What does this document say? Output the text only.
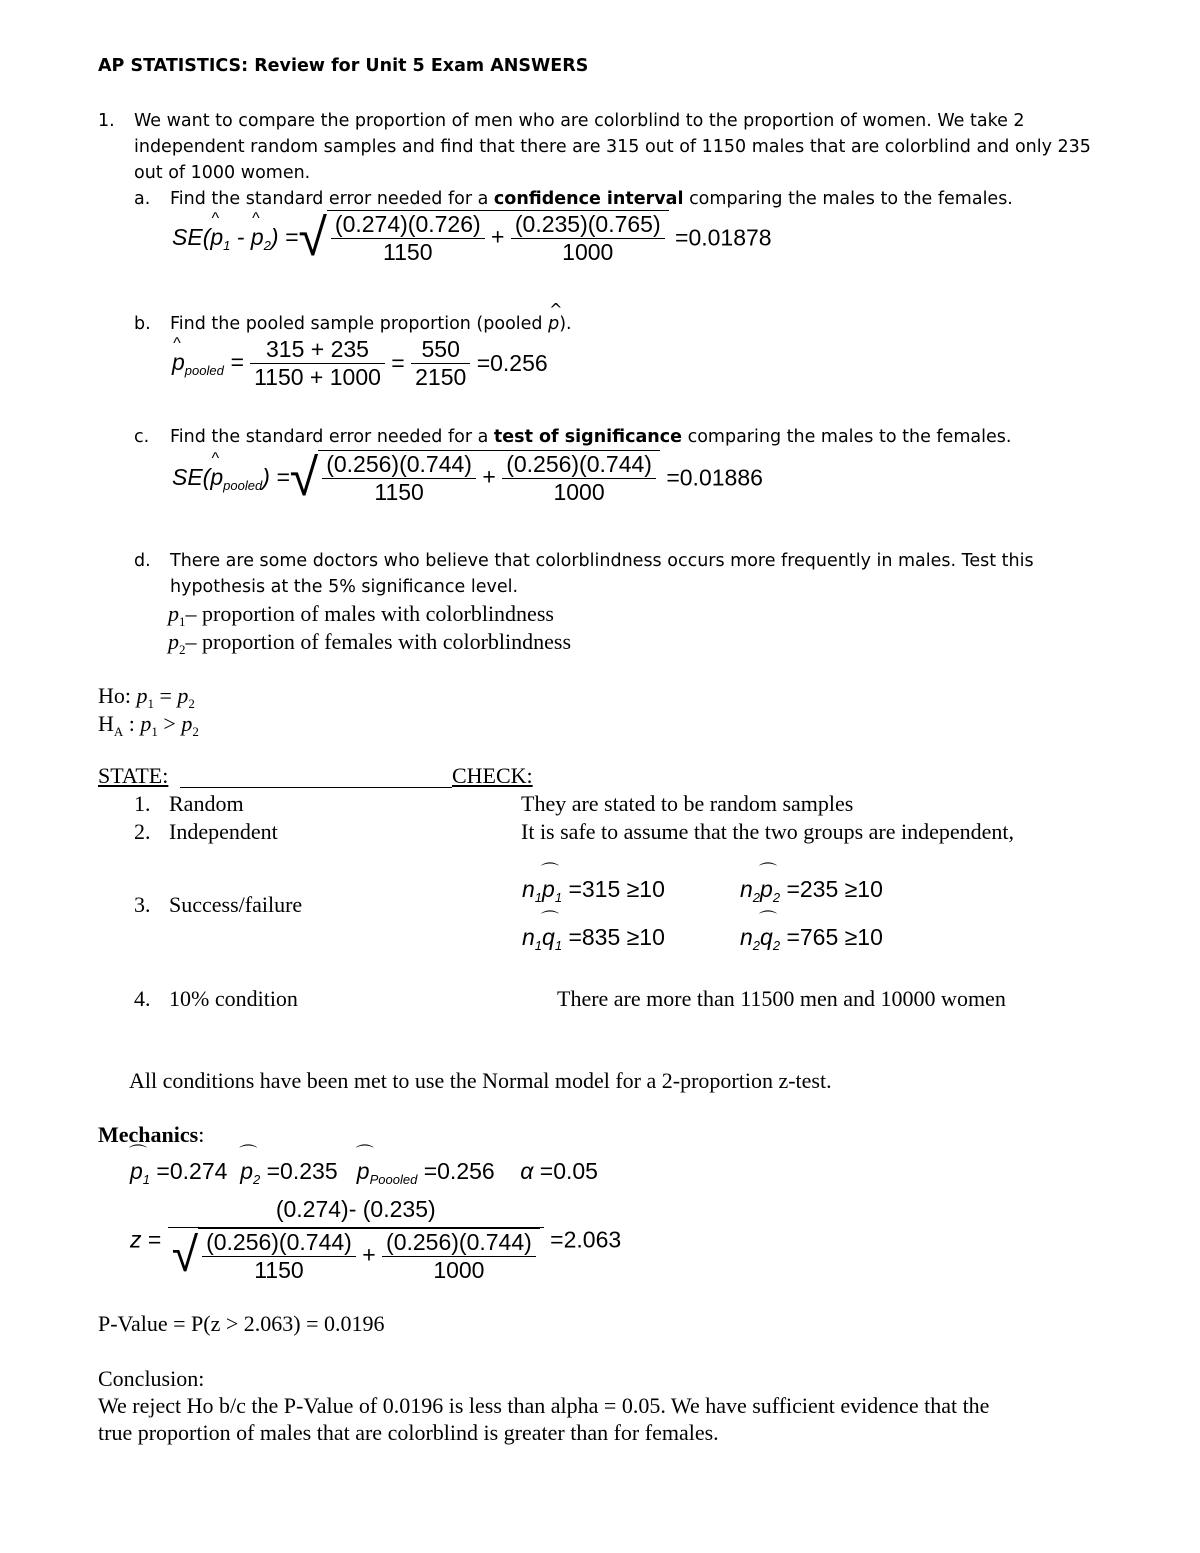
AP STATISTICS: Review for Unit 5 Exam ANSWERS
1. We want to compare the proportion of men who are colorblind to the proportion of women. We take 2
independent random samples and find that there are 315 out of 1150 males that are colorblind and only 235
out of 1000 women.
a. Find the standard error needed for a confidence interval comparing the males to the females.
SE(^ $p_1$ - ^ $p_2$) =√ $\frac{(0.274)(0.726)}{1150} + \frac{(0.235)(0.765)}{1000} =0.01878$
b. Find the pooled sample proportion (pooled ^ p).
^ $p_{pooled} = \frac{315 + 235}{1150 + 1000} = \frac{550}{2150} =0.256$
c. Find the standard error needed for a test of significance comparing the males to the females.
SE(^ $p_{pooled}$) =√ $\frac{(0.256)(0.744)}{1150} + \frac{(0.256)(0.744)}{1000} =0.01886$
d. There are some doctors who believe that colorblindness occurs more frequently in males. Test this
hypothesis at the 5% significance level.
$p_1-$ proportion of males with colorblindness
$p_2-$ proportion of females with colorblindness
Ho: $p_1 = p_2$
$H_A$ : $p_1 > p_2$
STATE:	CHECK:
1. Random	They are stated to be random samples
2. Independent	It is safe to assume that the two groups are independent,
3. Success/failure
$n_1⌒$ $p_1 =315 \ge 10$	$n_2⌒$ $p_2 =235 \ge 10$
$n_1⌒$ $q_1 =835 \ge 10$	$n_2⌒$ $q_2 =765 \ge 10$
4. 10% condition	There are more than 11500 men and 10000 women
All conditions have been met to use the Normal model for a 2-proportion z-test.
Mechanics:
⌒ $p_1 =0.274$ ⌒ $p_2 =0.235$ ⌒ $p_{Poooled} =0.256$ α =0.05
$z = \frac{(0.274)- (0.235)}{√ \frac{(0.256)(0.744)}{1150} + \frac{(0.256)(0.744)}{1000}} =2.063$
P-Value = P(z > 2.063) = 0.0196
Conclusion:
We reject Ho b/c the P-Value of 0.0196 is less than alpha = 0.05. We have sufficient evidence that the
true proportion of males that are colorblind is greater than for females.
